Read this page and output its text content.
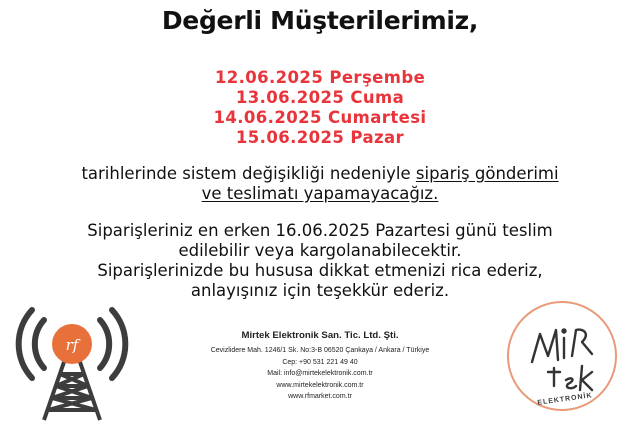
Değerli Müşterilerimiz,
12.06.2025 Perşembe
13.06.2025 Cuma
14.06.2025 Cumartesi
15.06.2025 Pazar
tarihlerinde sistem değişikliği nedeniyle sipariş gönderimi
ve teslimatı yapamayacağız.
Siparişleriniz en erken 16.06.2025 Pazartesi günü teslim
edilebilir veya kargolanabilecektir.
Siparişlerinizde bu hususa dikkat etmenizi rica ederiz,
anlayışınız için teşekkür ederiz.
rf
Mirtek Elektronik San. Tic. Ltd. Şti.
Cevizlidere Mah. 1246/1 Sk. No:3-B 06520 Çankaya / Ankara / Türkiye
Cep: +90 531 221 49 40
Mail: info@mirtekelektronik.com.tr
www.mirtekelektronik.com.tr
www.rfmarket.com.tr	ELEKTRONİK
